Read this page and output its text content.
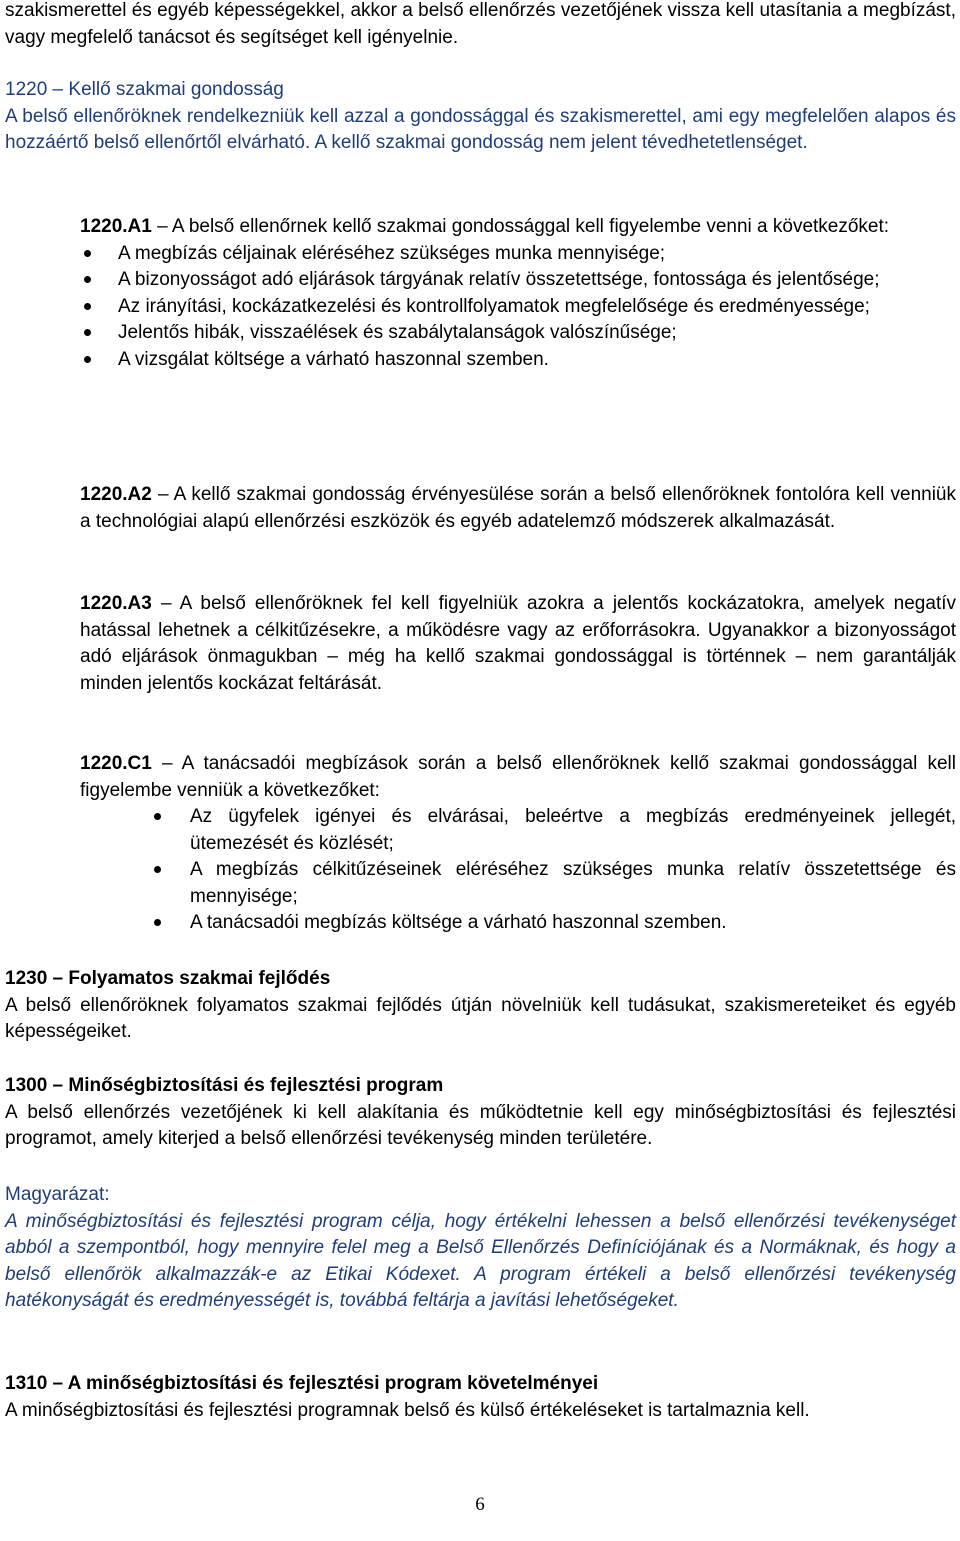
szakismerettel és egyéb képességekkel, akkor a belső ellenőrzés vezetőjének vissza kell utasítania a megbízást, vagy megfelelő tanácsot és segítséget kell igényelnie.

1220 – Kellő szakmai gondosság

A belső ellenőröknek rendelkezniük kell azzal a gondossággal és szakismerettel, ami egy megfelelően alapos és hozzáértő belső ellenőrtől elvárható. A kellő szakmai gondosság nem jelent tévedhetetlenséget.

1220.A1 – A belső ellenőrnek kellő szakmai gondossággal kell figyelembe venni a következőket:

A megbízás céljainak eléréséhez szükséges munka mennyisége;
A bizonyosságot adó eljárások tárgyának relatív összetettsége, fontossága és jelentősége;
Az irányítási, kockázatkezelési és kontrollfolyamatok megfelelősége és eredményessége;
Jelentős hibák, visszaélések és szabálytalanságok valószínűsége;
A vizsgálat költsége a várható haszonnal szemben.

1220.A2 – A kellő szakmai gondosság érvényesülése során a belső ellenőröknek fontolóra kell venniük a technológiai alapú ellenőrzési eszközök és egyéb adatelemző módszerek alkalmazását.

1220.A3 – A belső ellenőröknek fel kell figyelniük azokra a jelentős kockázatokra, amelyek negatív hatással lehetnek a célkitűzésekre, a működésre vagy az erőforrásokra. Ugyanakkor a bizonyosságot adó eljárások önmagukban – még ha kellő szakmai gondossággal is történnek – nem garantálják minden jelentős kockázat feltárását.

1220.C1 – A tanácsadói megbízások során a belső ellenőröknek kellő szakmai gondossággal kell figyelembe venniük a következőket:

Az ügyfelek igényei és elvárásai, beleértve a megbízás eredményeinek jellegét, ütemezését és közlését;
A megbízás célkitűzéseinek eléréséhez szükséges munka relatív összetettsége és mennyisége;
A tanácsadói megbízás költsége a várható haszonnal szemben.

1230 – Folyamatos szakmai fejlődés

A belső ellenőröknek folyamatos szakmai fejlődés útján növelniük kell tudásukat, szakismereteiket és egyéb képességeiket.

1300 – Minőségbiztosítási és fejlesztési program

A belső ellenőrzés vezetőjének ki kell alakítania és működtetnie kell egy minőségbiztosítási és fejlesztési programot, amely kiterjed a belső ellenőrzési tevékenység minden területére.

Magyarázat:

A minőségbiztosítási és fejlesztési program célja, hogy értékelni lehessen a belső ellenőrzési tevékenységet abból a szempontból, hogy mennyire felel meg a Belső Ellenőrzés Definíciójának és a Normáknak, és hogy a belső ellenőrök alkalmazzák-e az Etikai Kódexet. A program értékeli a belső ellenőrzési tevékenység hatékonyságát és eredményességét is, továbbá feltárja a javítási lehetőségeket.

1310 – A minőségbiztosítási és fejlesztési program követelményei

A minőségbiztosítási és fejlesztési programnak belső és külső értékeléseket is tartalmaznia kell.

6
